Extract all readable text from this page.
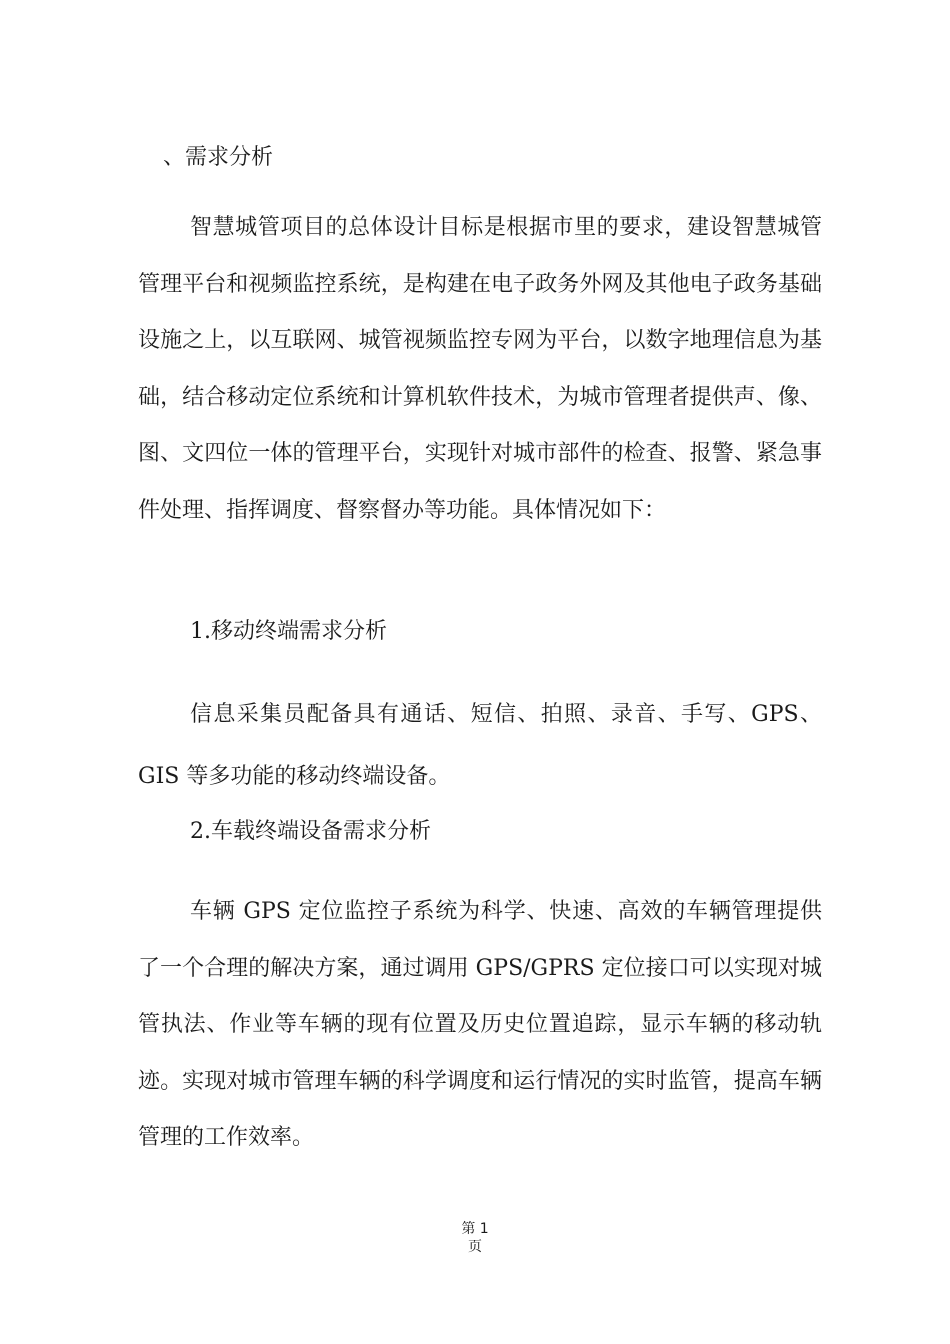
、需求分析

智慧城管项目的总体设计目标是根据市里的要求，建设智慧城管管理平台和视频监控系统，是构建在电子政务外网及其他电子政务基础设施之上，以互联网、城管视频监控专网为平台，以数字地理信息为基础，结合移动定位系统和计算机软件技术，为城市管理者提供声、像、图、文四位一体的管理平台，实现针对城市部件的检查、报警、紧急事件处理、指挥调度、督察督办等功能。具体情况如下：

1.移动终端需求分析

信息采集员配备具有通话、短信、拍照、录音、手写、GPS、GIS 等多功能的移动终端设备。

2.车载终端设备需求分析

车辆 GPS 定位监控子系统为科学、快速、高效的车辆管理提供了一个合理的解决方案，通过调用 GPS/GPRS 定位接口可以实现对城管执法、作业等车辆的现有位置及历史位置追踪，显示车辆的移动轨迹。实现对城市管理车辆的科学调度和运行情况的实时监管，提高车辆管理的工作效率。

第 1
页
